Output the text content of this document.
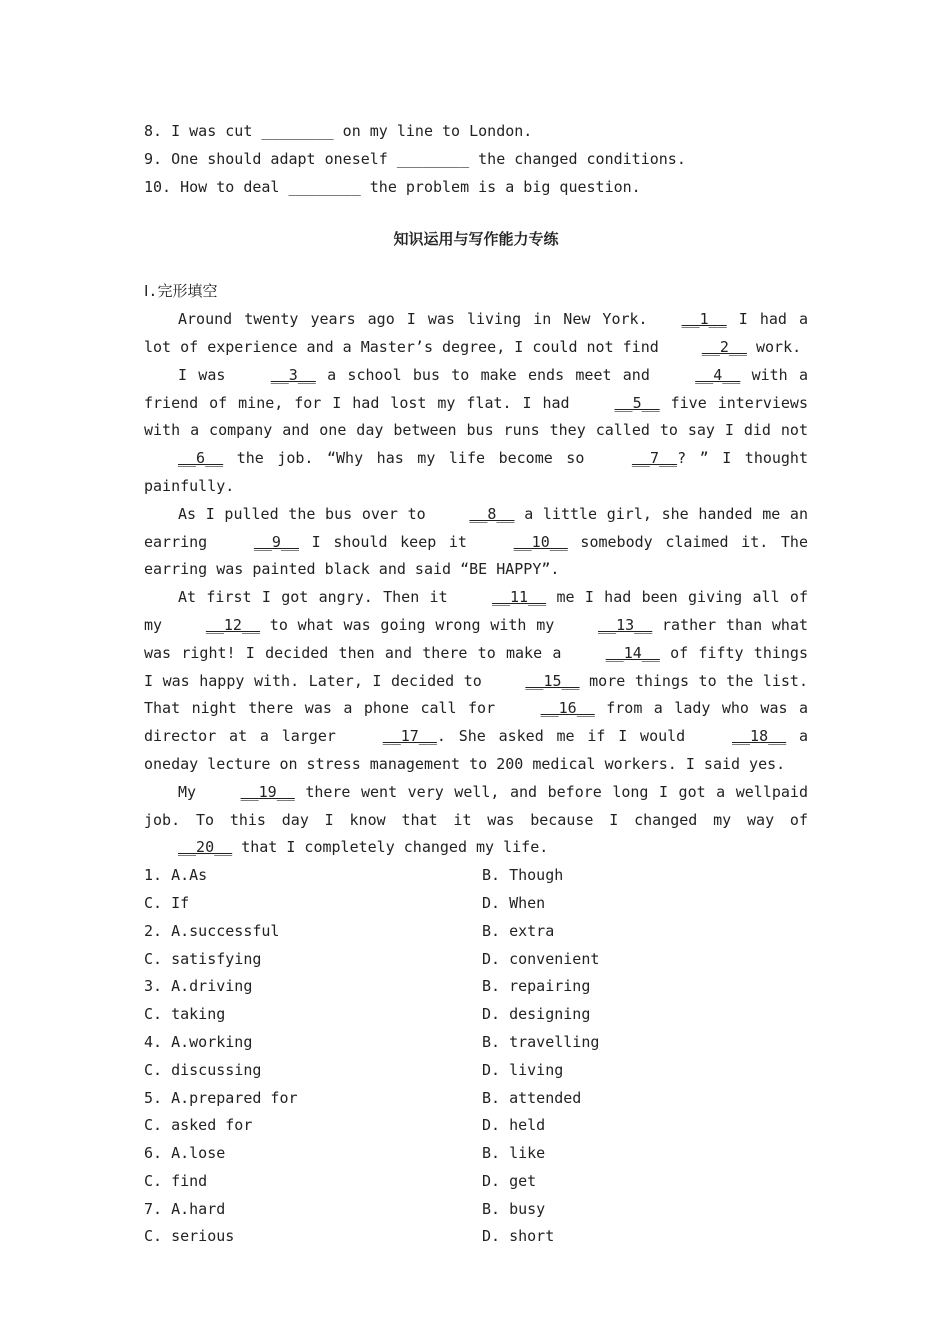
8. I was cut ________ on my line to London.
9. One should adapt oneself ________ the changed conditions.
10. How to deal ________ the problem is a big question.
知识运用与写作能力专练
Ⅰ.完形填空

Around twenty years ago I was living in New York. __1__ I had a lot of experience and a Master’s degree, I could not find __2__ work.

I was __3__ a school bus to make ends meet and __4__ with a friend of mine, for I had lost my flat. I had __5__ five interviews with a company and one day between bus runs they called to say I did not __6__ the job. “Why has my life become so __7__? ” I thought painfully.

As I pulled the bus over to __8__ a little girl, she handed me an earring __9__ I should keep it __10__ somebody claimed it. The earring was painted black and said “BE HAPPY”.

At first I got angry. Then it __11__ me I had been giving all of my __12__ to what was going wrong with my __13__ rather than what was right! I decided then and there to make a __14__ of fifty things I was happy with. Later, I decided to __15__ more things to the list. That night there was a phone call for __16__ from a lady who was a director at a larger __17__. She asked me if I would __18__ a oneday lecture on stress management to 200 medical workers. I said yes.

My __19__ there went very well, and before long I got a wellpaid job. To this day I know that it was because I changed my way of __20__ that I completely changed my life.

1. A.As	B. Though
C. If	D. When
2. A.successful	B. extra
C. satisfying	D. convenient
3. A.driving	B. repairing
C. taking	D. designing
4. A.working	B. travelling
C. discussing	D. living
5. A.prepared for	B. attended
C. asked for	D. held
6. A.lose	B. like
C. find	D. get
7. A.hard	B. busy
C. serious	D. short
